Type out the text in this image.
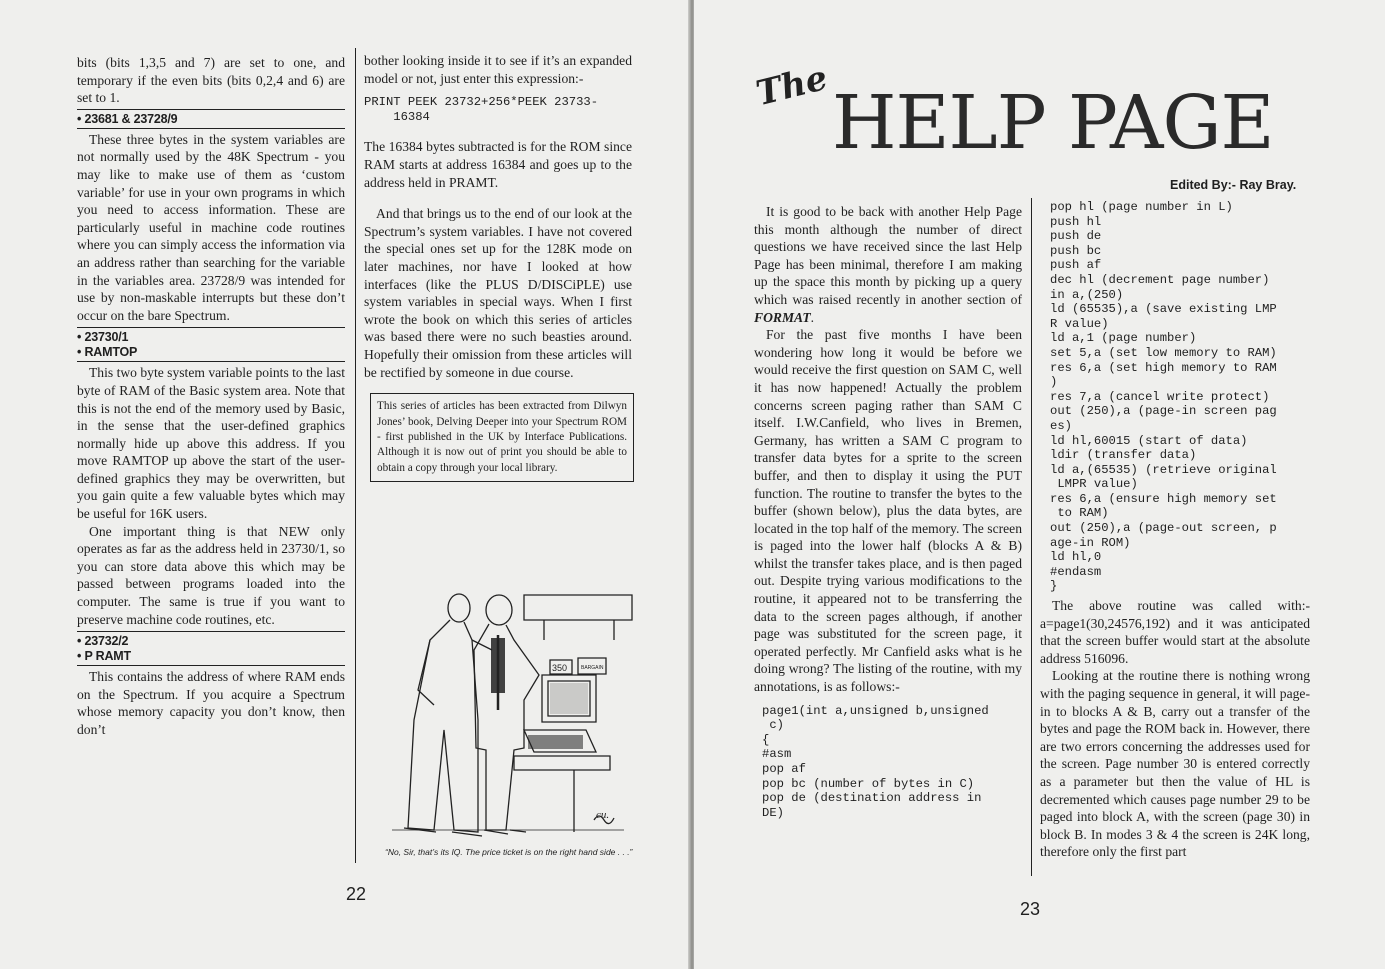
bits (bits 1,3,5 and 7) are set to one, and temporary if the even bits (bits 0,2,4 and 6) are set to 1.

• 23681 & 23728/9

These three bytes in the system variables are not normally used by the 48K Spectrum - you may like to make use of them as ‘custom variable’ for use in your own programs in which you need to access information. These are particularly useful in machine code routines where you can simply access the information via an address rather than searching for the variable in the variables area. 23728/9 was intended for use by non-maskable interrupts but these don’t occur on the bare Spectrum.

• 23730/1
• RAMTOP

This two byte system variable points to the last byte of RAM of the Basic system area. Note that this is not the end of the memory used by Basic, in the sense that the user-defined graphics normally hide up above this address. If you move RAMTOP up above the start of the user-defined graphics they may be overwritten, but you gain quite a few valuable bytes which may be useful for 16K users.

One important thing is that NEW only operates as far as the address held in 23730/1, so you can store data above this which may be passed between programs loaded into the computer. The same is true if you want to preserve machine code routines, etc.

• 23732/2
• P RAMT

This contains the address of where RAM ends on the Spectrum. If you acquire a Spectrum whose memory capacity you don’t know, then don’t

bother looking inside it to see if it’s an expanded model or not, just enter this expression:-

PRINT PEEK 23732+256*PEEK 23733-
16384

The 16384 bytes subtracted is for the ROM since RAM starts at address 16384 and goes up to the address held in PRAMT.

And that brings us to the end of our look at the Spectrum’s system variables. I have not covered the special ones set up for the 128K mode on later machines, nor have I looked at how interfaces (like the PLUS D/DISCiPLE) use system variables in special ways. When I first wrote the book on which this series of articles was based there were no such beasties around. Hopefully their omission from these articles will be rectified by someone in due course.

This series of articles has been extracted from Dilwyn Jones’ book, Delving Deeper into your Spectrum ROM - first published in the UK by Interface Publications. Although it is now out of print you should be able to obtain a copy through your local library.
350	BARGAIN
cu.
“No, Sir, that’s its IQ. The price ticket is on the right hand side . . .”
22
The HELP PAGE
Edited By:- Ray Bray.

It is good to be back with another Help Page this month although the number of direct questions we have received since the last Help Page has been minimal, therefore I am making up the space this month by picking up a query which was raised recently in another section of FORMAT.

For the past five months I have been wondering how long it would be before we would receive the first question on SAM C, well it has now happened! Actually the problem concerns screen paging rather than SAM C itself. I.W.Canfield, who lives in Bremen, Germany, has written a SAM C program to transfer data bytes for a sprite to the screen buffer, and then to display it using the PUT function. The routine to transfer the bytes to the buffer (shown below), plus the data bytes, are located in the top half of the memory. The screen is paged into the lower half (blocks A & B) whilst the transfer takes place, and is then paged out. Despite trying various modifications to the routine, it appeared not to be transferring the data to the screen pages although, if another page was substituted for the screen page, it operated perfectly. Mr Canfield asks what is he doing wrong? The listing of the routine, with my annotations, is as follows:-

page1(int a,unsigned b,unsigned
c)
{
#asm
pop af
pop bc (number of bytes in C)
pop de (destination address in
DE)
pop hl (page number in L)
push hl
push de
push bc
push af
dec hl (decrement page number)
in a,(250)
ld (65535),a (save existing LMP
R value)
ld a,1 (page number)
set 5,a (set low memory to RAM)
res 6,a (set high memory to RAM
)
res 7,a (cancel write protect)
out (250),a (page-in screen pag
es)
ld hl,60015 (start of data)
ldir (transfer data)
ld a,(65535) (retrieve original
LMPR value)
res 6,a (ensure high memory set
to RAM)
out (250),a (page-out screen, p
age-in ROM)
ld hl,0
#endasm
}

The above routine was called with:- a=page1(30,24576,192) and it was anticipated that the screen buffer would start at the absolute address 516096.

Looking at the routine there is nothing wrong with the paging sequence in general, it will page-in to blocks A & B, carry out a transfer of the bytes and page the ROM back in. However, there are two errors concerning the addresses used for the screen. Page number 30 is entered correctly as a parameter but then the value of HL is decremented which causes page number 29 to be paged into block A, with the screen (page 30) in block B. In modes 3 & 4 the screen is 24K long, therefore only the first part

23
